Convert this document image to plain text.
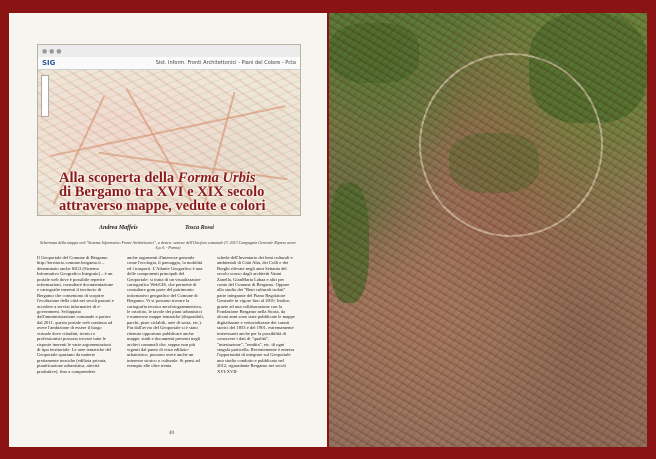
● ● ●
SIG	Sist. Inform. Fronti Architettonici - Piani del Colore - Pcta
Alla scoperta della Forma Urbis
di Bergamo tra XVI e XIX secolo
attraverso mappe, vedute e colori
Andrea Maffeis	Tosca Rossi
Schermata della mappa web "Sistema Informativo Fronti Architettonici", a destra: sezione dell'Ortofoto comunale (© 2013 Compagnia Generale Riprese aeree S.p.A. - Parma)
Il Geoportale del Comune di Bergamo http://territorio.comune.bergamo.it – denominato anche SIG3 (Sistema Informativo Geografico Integrato) – è un portale web dove è possibile reperire informazioni, consultare documentazione e cartografie inerenti il territorio di Bergamo che consentono di scoprire l'evoluzione della città nei secoli passati e accedere a servizi informativi di e-government. Sviluppato dall'amministrazione comunale a partire dal 2011, questo portale web continua ad avere l'ambizione di essere il luogo virtuale dove cittadini, tecnici e professionisti possono trovare tutte le risposte inerenti le varie argomentazioni di tipo territoriale. Le aree tematiche del Geoportale spaziano da materie prettamente tecniche (edilizia privata, pianificazione urbanistica, attività produttive), fino a comprendere
anche argomenti d'interesse generale come l'ecologia, il paesaggio, la mobilità ed i trasporti. L'Atlante Geografico è una delle componenti principali del Geoportale: si tratta di un visualizzatore cartografico WebGIS, che permette di consultare gran parte del patrimonio informativo geografico del Comune di Bergamo. Vi si possono trovare la cartografia tecnica aerofotogrammetrica, le ortofoto, le tavole dei piani urbanistici e numerose mappe tematiche (disponibili, parchi, piste ciclabili, aree di sosta, etc.). Fin dall'avvio del Geoportale si è stato ritenuto opportuno pubblicare anche mappe, studi e documenti presenti negli archivi comunali che, seppur non più vigenti dal punto di vista edilizio-urbanistico, possono avere anche un interesse storico o culturale. Si pensi ad esempio alle oltre trenta
schede dell'Inventario dei beni culturali e ambientali di Città Alta, dei Colli e dei Borghi rilevate negli anni Settanta del secolo scorso dagli architetti Vanni Zanella, GianMaria Labaa e altri per conto del Comune di Bergamo. Oppure allo studio dei "Beni culturali isolati" parte integrante del Piano Regolatore Generale in vigore fino al 2010. Inoltre, grazie ad una collaborazione con la Fondazione Bergamo nella Storia, da alcuni anni sono state pubblicate le mappe digitalizzate e vettorializzate dei catasti storici del 1853 e del 1901, estremamente interessanti anche per la possibilità di conoscere i dati di "qualità", "intestazione", "rendita", etc. di ogni singola particella. Recentemente è emersa l'opportunità di integrare sul Geoportale uno studio condotto e pubblicato nel 2012, riguardante Bergamo nei secoli XVI-XVII-
40
